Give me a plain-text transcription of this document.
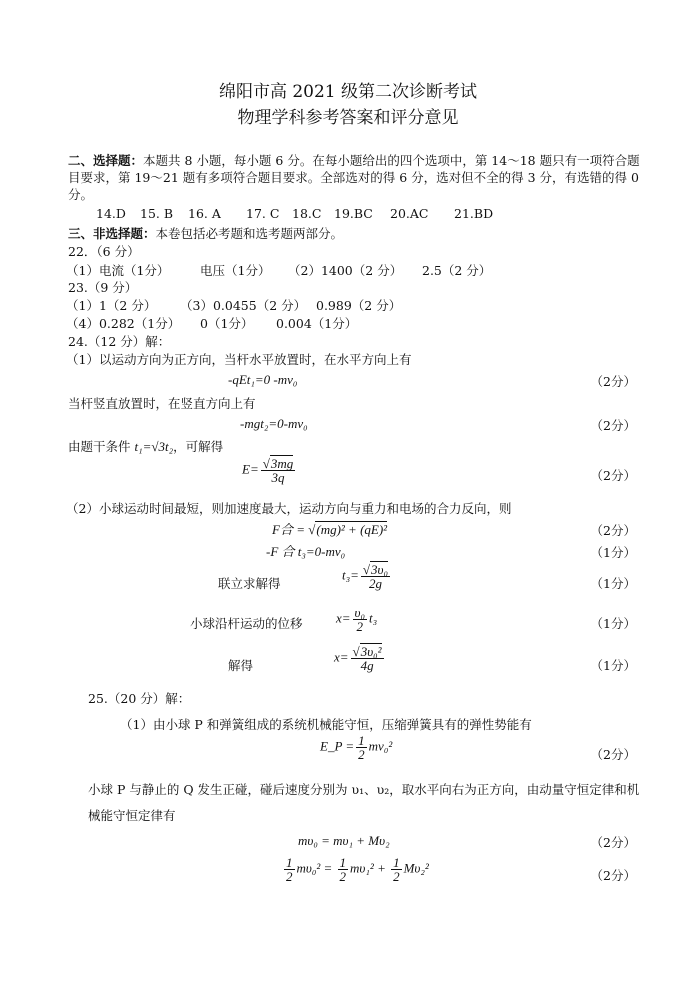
绵阳市高 2021 级第二次诊断考试
物理学科参考答案和评分意见
二、选择题：本题共 8 小题，每小题 6 分。在每小题给出的四个选项中，第 14～18 题只有一项符合题目要求，第 19～21 题有多项符合题目要求。全部选对的得 6 分，选对但不全的得 3 分，有选错的得 0 分。
14.D	15. B	16. A	17. C	18.C	19.BC	20.AC	21.BD
三、非选择题：本卷包括必考题和选考题两部分。
22．（6 分）
（1）电流（1分） 电压（1分） （2）1400（2 分） 2.5（2 分）
23.（9 分）
（1）1（2 分） （3）0.0455（2 分） 0.989（2 分）
（4）0.282（1分） 0（1分） 0.004（1分）
24.（12 分）解：
（1）以运动方向为正方向，当杆水平放置时，在水平方向上有
-qEt₁=0 -mv₀	（2分）
当杆竖直放置时，在竖直方向上有
-mgt₂=0-mv₀	（2分）
由题干条件 t₁=√3t₂，可解得
$E= \frac{√3mg}{3q}$	（2分）
（2）小球运动时间最短，则加速度最大，运动方向与重力和电场的合力反向，则
F合 = √(mg)² + (qE)²	（2分）
-F 合 t₃=0-mv₀	（1分）
联立求解得
$t_3= \frac{\text{√3υ₀}}{2g}$	（1分）
小球沿杆运动的位移	$x= \frac{\text{υ₀}}{2} t_3$	（1分）
解得
$x= \frac{\text{√3υ₀²}}{4g}$	（1分）
25.（20 分）解：
（1）由小球 P 和弹簧组成的系统机械能守恒，压缩弹簧具有的弹性势能有
E_P = $\frac{1}{2} mv_0^2$
（2分）
小球 P 与静止的 Q 发生正碰，碰后速度分别为 υ₁、υ₂，取水平向右为正方向，由动量守恒定律和机械能守恒定律有
mυ₀ = mυ₁ + Mυ₂	（2分）
$\frac{1}{2} m\upsilon_0^2 = \frac{1}{2} m\upsilon_1^2 + \frac{1}{2} M\upsilon_2^2$
（2分）
